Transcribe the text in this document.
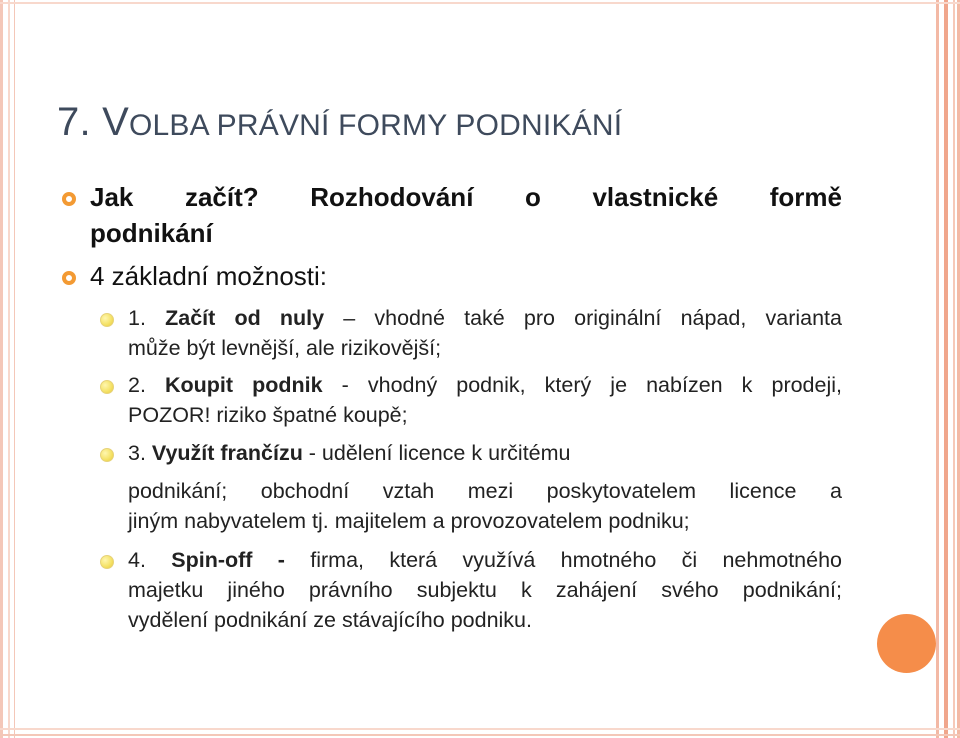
7. VOLBA PRÁVNÍ FORMY PODNIKÁNÍ
Jak začít? Rozhodování o vlastnické formě
podnikání
4 základní možnosti:
1. Začít od nuly – vhodné také pro originální nápad, varianta
může být levnější, ale rizikovější;
2. Koupit podnik - vhodný podnik, který je nabízen k prodeji,
POZOR! riziko špatné koupě;
3. Využít frančízu - udělení licence k určitému
podnikání; obchodní vztah mezi poskytovatelem licence a
jiným nabyvatelem tj. majitelem a provozovatelem podniku;
4. Spin-off - firma, která využívá hmotného či nehmotného
majetku jiného právního subjektu k zahájení svého podnikání;
vydělení podnikání ze stávajícího podniku.
